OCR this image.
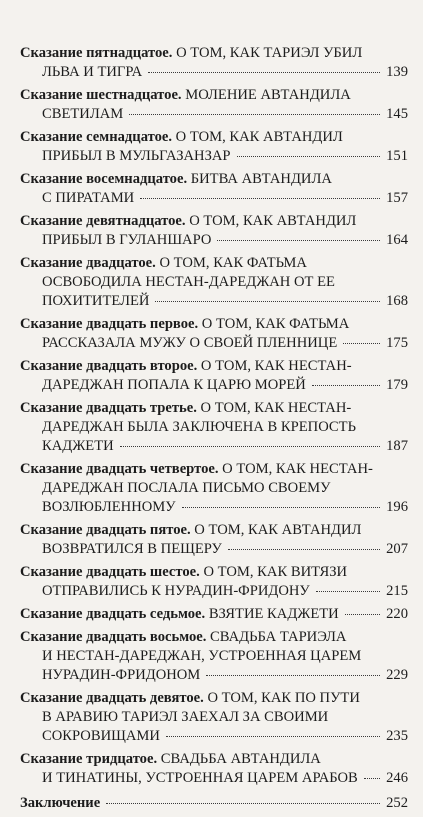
Сказание пятнадцатое. О ТОМ, КАК ТАРИЭЛ УБИЛ
ЛЬВА И ТИГРА	139
Сказание шестнадцатое. МОЛЕНИЕ АВТАНДИЛА
СВЕТИЛАМ	145
Сказание семнадцатое. О ТОМ, КАК АВТАНДИЛ
ПРИБЫЛ В МУЛЬГАЗАНЗАР	151
Сказание восемнадцатое. БИТВА АВТАНДИЛА
С ПИРАТАМИ	157
Сказание девятнадцатое. О ТОМ, КАК АВТАНДИЛ
ПРИБЫЛ В ГУЛАНШАРО	164
Сказание двадцатое. О ТОМ, КАК ФАТЬМА
ОСВОБОДИЛА НЕСТАН-ДАРЕДЖАН ОТ ЕЕ
ПОХИТИТЕЛЕЙ	168
Сказание двадцать первое. О ТОМ, КАК ФАТЬМА
РАССКАЗАЛА МУЖУ О СВОЕЙ ПЛЕННИЦЕ	175
Сказание двадцать второе. О ТОМ, КАК НЕСТАН-
ДАРЕДЖАН ПОПАЛА К ЦАРЮ МОРЕЙ	179
Сказание двадцать третье. О ТОМ, КАК НЕСТАН-
ДАРЕДЖАН БЫЛА ЗАКЛЮЧЕНА В КРЕПОСТЬ
КАДЖЕТИ	187
Сказание двадцать четвертое. О ТОМ, КАК НЕСТАН-
ДАРЕДЖАН ПОСЛАЛА ПИСЬМО СВОЕМУ
ВОЗЛЮБЛЕННОМУ	196
Сказание двадцать пятое. О ТОМ, КАК АВТАНДИЛ
ВОЗВРАТИЛСЯ В ПЕЩЕРУ	207
Сказание двадцать шестое. О ТОМ, КАК ВИТЯЗИ
ОТПРАВИЛИСЬ К НУРАДИН-ФРИДОНУ	215
Сказание двадцать седьмое. ВЗЯТИЕ КАДЖЕТИ	220
Сказание двадцать восьмое. СВАДЬБА ТАРИЭЛА
И НЕСТАН-ДАРЕДЖАН, УСТРОЕННАЯ ЦАРЕМ
НУРАДИН-ФРИДОНОМ	229
Сказание двадцать девятое. О ТОМ, КАК ПО ПУТИ
В АРАВИЮ ТАРИЭЛ ЗАЕХАЛ ЗА СВОИМИ
СОКРОВИЩАМИ	235
Сказание тридцатое. СВАДЬБА АВТАНДИЛА
И ТИНАТИНЫ, УСТРОЕННАЯ ЦАРЕМ АРАБОВ 246
Заключение	252
